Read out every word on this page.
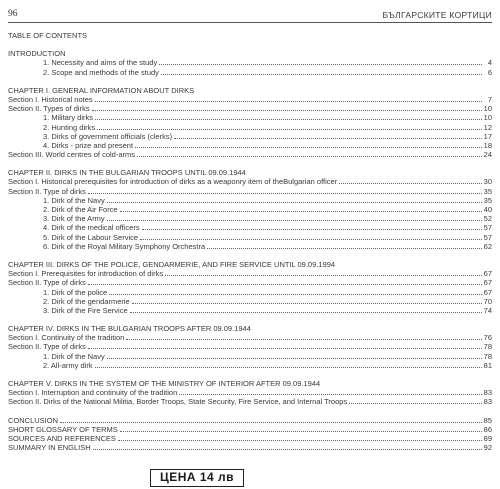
96	БЪЛГАРСКИТЕ КОРТИЦИ
TABLE OF CONTENTS
INTRODUCTION
1. Necessity and aims of the study	4
2. Scope and methods of the study	6
CHAPTER I. GENERAL INFORMATION ABOUT DIRKS
Section I. Historical notes	7
Section II. Types of dirks	10
1. Military dirks	10
2. Hunting dirks	12
3. Dirks of government officials (clerks)	17
4. Dirks - prize and present	18
Section III. World centres of cold-arms	24
CHAPTER II. DIRKS IN THE BULGARIAN TROOPS UNTIL 09.09.1944
Section I. Historical prerequisites for introduction of dirks as a weaponry item of theBulgarian officer	30
Section II. Type of dirks	35
1. Dirk of the Navy	35
2. Dirk of the Air Force	40
3. Dirk of the Army	52
4. Dirk of the medical officers	57
5. Dirk of the Labour Service	57
6. Dirk of the Royal Military Symphony Orchestra	62
CHAPTER III. DIRKS OF THE POLICE, GENDARMERIE, AND FIRE SERVICE UNTIL 09.09.1994
Section I. Prerequisites for introduction of dirks	67
Section II. Type of dirks	67
1. Dirk of the police	67
2. Dirk of the gendarmerie	70
3. Dirk of the Fire Service	74
CHAPTER IV. DIRKS IN THE BULGARIAN TROOPS AFTER 09.09.1944
Section I. Continuity of the tradition	76
Section II. Type of dirks	78
1. Dirk of the Navy	78
2. All-army dirk	81
CHAPTER V. DIRKS IN THE SYSTEM OF THE MINISTRY OF INTERIOR AFTER 09.09.1944
Section I. Interruption and continuity of the tradition	83
Section II. Dirks of the National Militia, Border Troops, State Security, Fire Service, and Internal Troops	83
CONCLUSION	85
SHORT GLOSSARY OF TERMS	86
SOURCES AND REFERENCES	89
SUMMARY IN ENGLISH	92
ЦЕНА 14 лв
